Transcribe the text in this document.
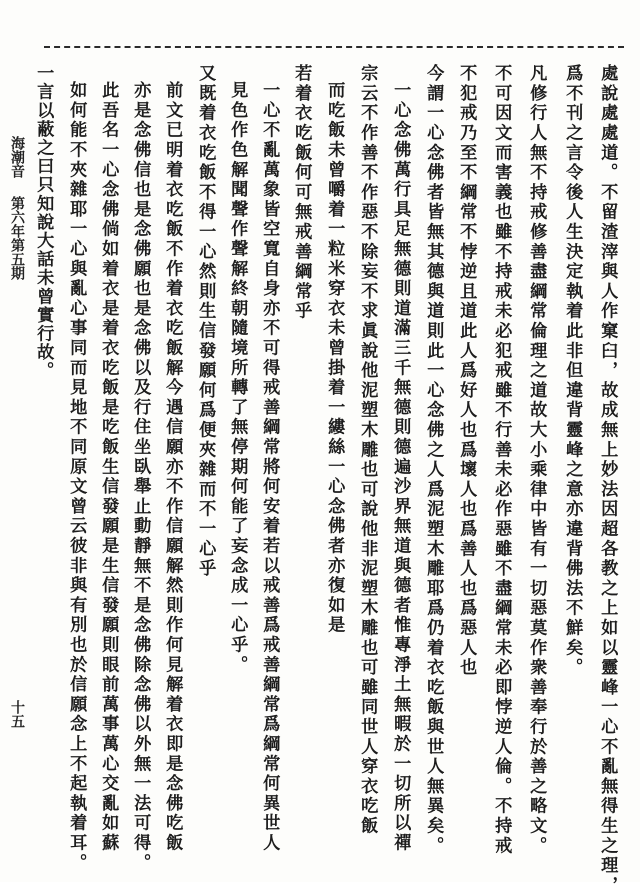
處說處處道。不留渣滓與人作窠臼，故成無上妙法因超各教之上如以靈峰一心不亂無得生之理，
爲不刊之言令後人生決定執着此非但違背靈峰之意亦違背佛法不鮮矣。
凡修行人無不持戒修善盡綱常倫理之道故大小乘律中皆有一切惡莫作衆善奉行於善之略文。
不可因文而害義也雖不持戒未必犯戒雖不行善未必作惡雖不盡綱常未必即悖逆人倫。不持戒
不犯戒乃至不綱常不悖逆且道此人爲好人也爲壞人也爲善人也爲惡人也
今謂一心念佛者皆無其德與道則此一心念佛之人爲泥塑木雕耶爲仍着衣吃飯與世人無異矣。
一心念佛萬行具足無德則道滿三千無德則德遍沙界無道與德者惟專淨土無暇於一切所以禪
宗云不作善不作惡不除妄不求眞說他泥塑木雕也可說他非泥塑木雕也可雖同世人穿衣吃飯
而吃飯未曾嚼着一粒米穿衣未曾掛着一縷絲一心念佛者亦復如是
若着衣吃飯何可無戒善綱常乎
一心不亂萬象皆空寬自身亦不可得戒善綱常將何安着若以戒善爲戒善綱常爲綱常何異世人
見色作色解聞聲作聲解終朝隨境所轉了無停期何能了妄念成一心乎。
又既着衣吃飯不得一心然則生信發願何爲便夾雜而不一心乎
前文已明着衣吃飯不作着衣吃飯解今遇信願亦不作信願解然則作何見解着衣即是念佛吃飯
亦是念佛信也是念佛願也是念佛以及行住坐臥舉止動靜無不是念佛除念佛以外無一法可得。
此吾名一心念佛倘如着衣是着衣吃飯是吃飯生信發願是生信發願則眼前萬事萬心交亂如蘇
如何能不夾雜耶一心與亂心事同而見地不同原文曾云彼非與有別也於信願念上不起執着耳。
一言以蔽之曰只知說大話未曾實行故。
海潮音
第六年第五期
十五
